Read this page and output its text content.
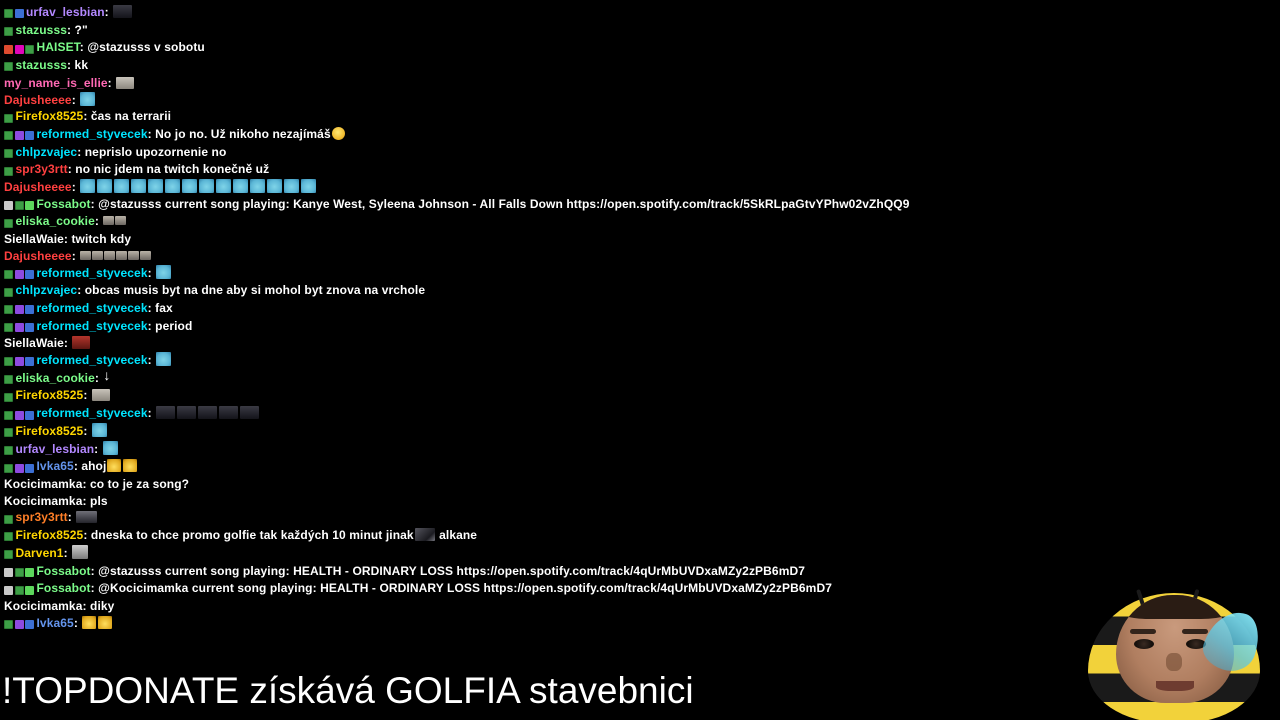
urfav_lesbian:
stazusss: ?"
HAISET: @stazusss v sobotu
stazusss: kk
my_name_is_ellie:
Dajusheeee:
Firefox8525: čas na terrarii
reformed_styvecek: No jo no. Už nikoho nezajímáš
chlpzvajec: neprislo upozornenie no
spr3y3rtt: no nic jdem na twitch konečně už
Dajusheeee:
Fossabot: @stazusss current song playing: Kanye West, Syleena Johnson - All Falls Down https://open.spotify.com/track/5SkRLpaGtvYPhw02vZhQQ9
eliska_cookie:
SiellaWaie: twitch kdy
Dajusheeee:
reformed_styvecek:
chlpzvajec: obcas musis byt na dne aby si mohol byt znova na vrchole
reformed_styvecek: fax
reformed_styvecek: period
SiellaWaie:
reformed_styvecek:
eliska_cookie: ↓
Firefox8525:
reformed_styvecek:
Firefox8525:
urfav_lesbian:
Ivka65: ahoj
Kocicimamka: co to je za song?
Kocicimamka: pls
spr3y3rtt:
Firefox8525: dneska to chce promo golfie tak každých 10 minut jinak alkane
Darven1:
Fossabot: @stazusss current song playing: HEALTH - ORDINARY LOSS https://open.spotify.com/track/4qUrMbUVDxaMZy2zPB6mD7
Fossabot: @Kocicimamka current song playing: HEALTH - ORDINARY LOSS https://open.spotify.com/track/4qUrMbUVDxaMZy2zPB6mD7
Kocicimamka: diky
Ivka65:
!TOPDONATE získává GOLFIA stavebnici
